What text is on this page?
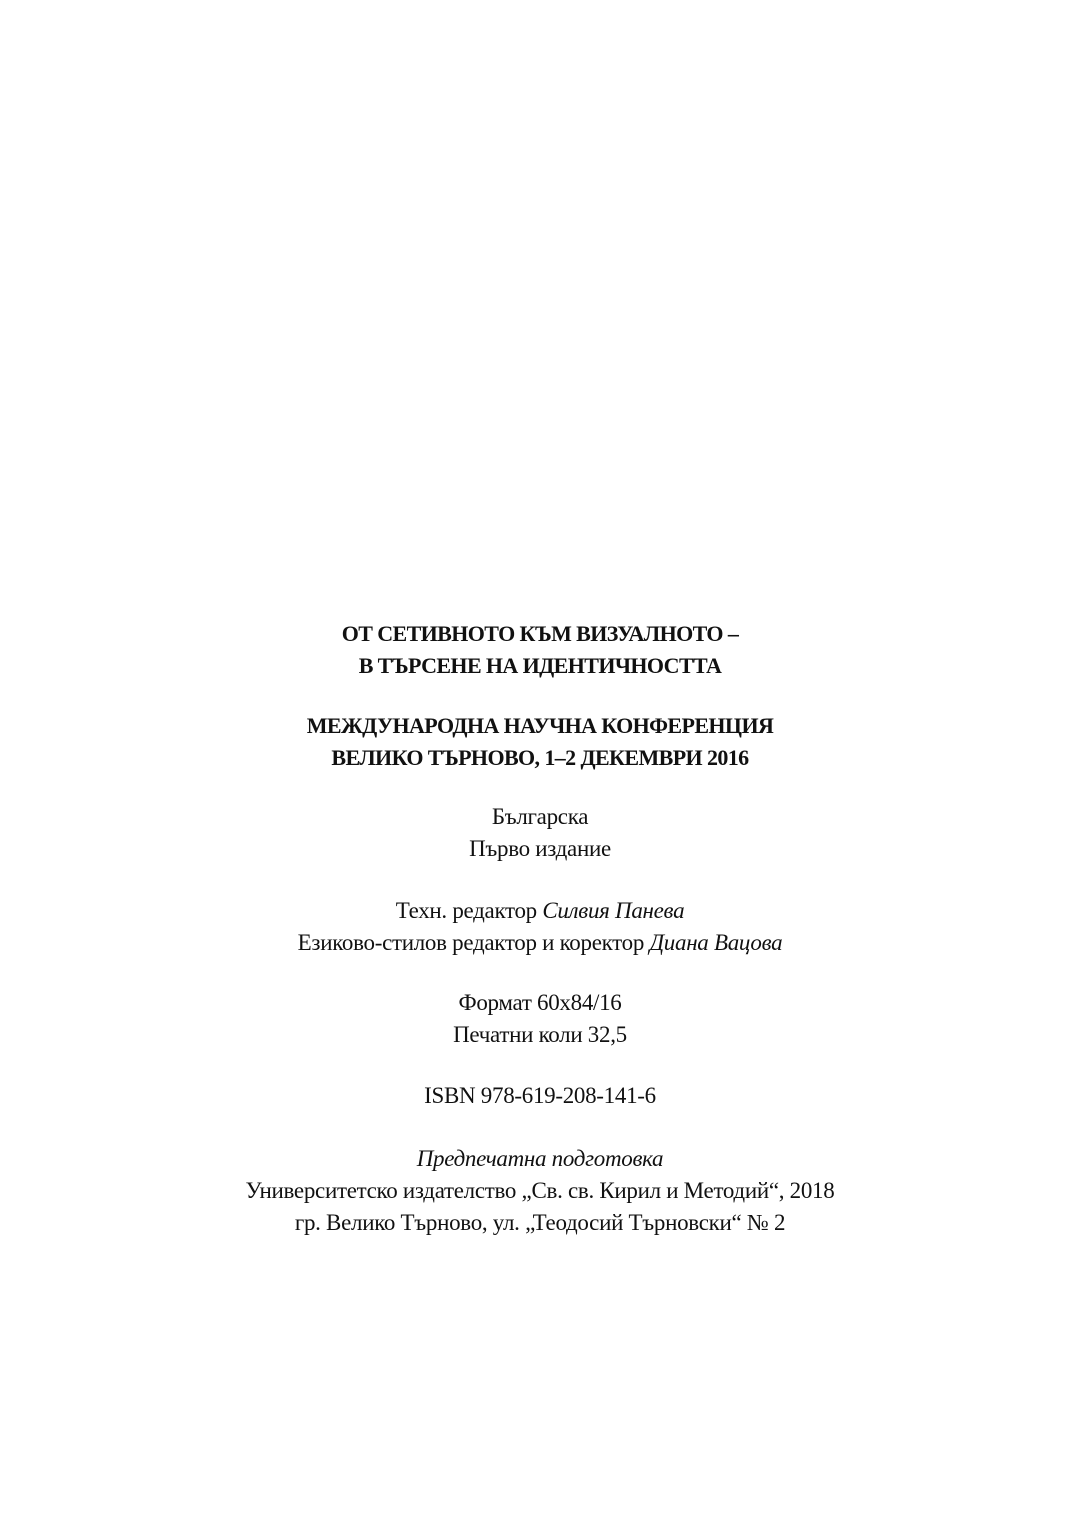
ОТ СЕТИВНОТО КЪМ ВИЗУАЛНОТО –
В ТЪРСЕНЕ НА ИДЕНТИЧНОСТТА
МЕЖДУНАРОДНА НАУЧНА КОНФЕРЕНЦИЯ
ВЕЛИКО ТЪРНОВО, 1–2 ДЕКЕМВРИ 2016
Българска
Първо издание
Техн. редактор Силвия Панева
Езиково-стилов редактор и коректор Диана Вацова
Формат 60x84/16
Печатни коли 32,5
ISBN 978-619-208-141-6
Предпечатна подготовка
Университетско издателство „Св. св. Кирил и Методий“, 2018
гр. Велико Търново, ул. „Теодосий Търновски“ № 2
